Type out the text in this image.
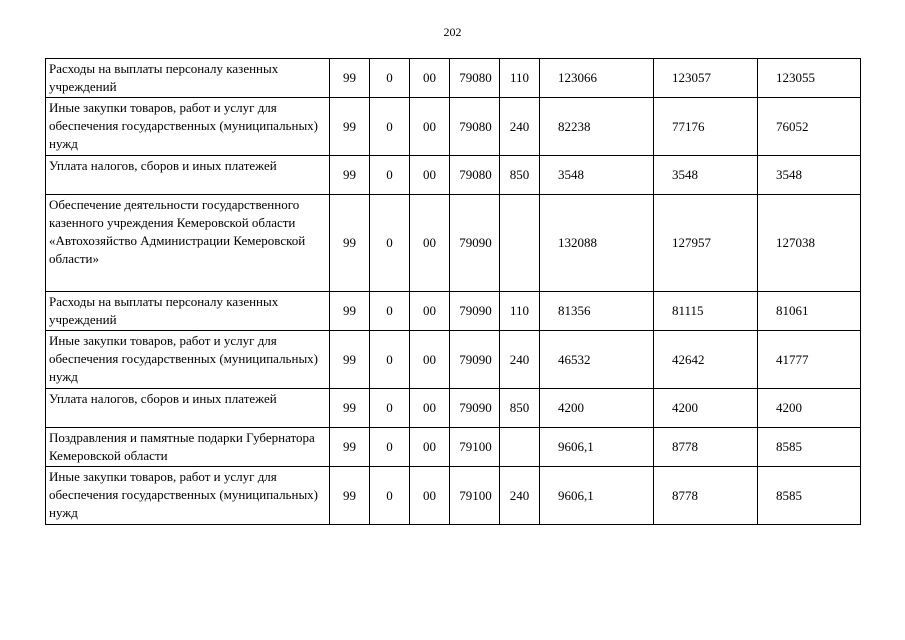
202
Расходы на выплаты персоналу казенных учреждений	99	0	00	79080	110	123066	123057	123055
Иные закупки товаров, работ и услуг для обеспечения государственных (муниципальных) нужд	99	0	00	79080	240	82238	77176	76052
Уплата налогов, сборов и иных платежей	99	0	00	79080	850	3548	3548	3548
Обеспечение деятельности государственного казенного учреждения Кемеровской области «Автохозяйство Администрации Кемеровской области»	99	0	00	79090		132088	127957	127038
Расходы на выплаты персоналу казенных учреждений	99	0	00	79090	110	81356	81115	81061
Иные закупки товаров, работ и услуг для обеспечения государственных (муниципальных) нужд	99	0	00	79090	240	46532	42642	41777
Уплата налогов, сборов и иных платежей	99	0	00	79090	850	4200	4200	4200
Поздравления и памятные подарки Губернатора Кемеровской области	99	0	00	79100		9606,1	8778	8585
Иные закупки товаров, работ и услуг для обеспечения государственных (муниципальных) нужд	99	0	00	79100	240	9606,1	8778	8585
